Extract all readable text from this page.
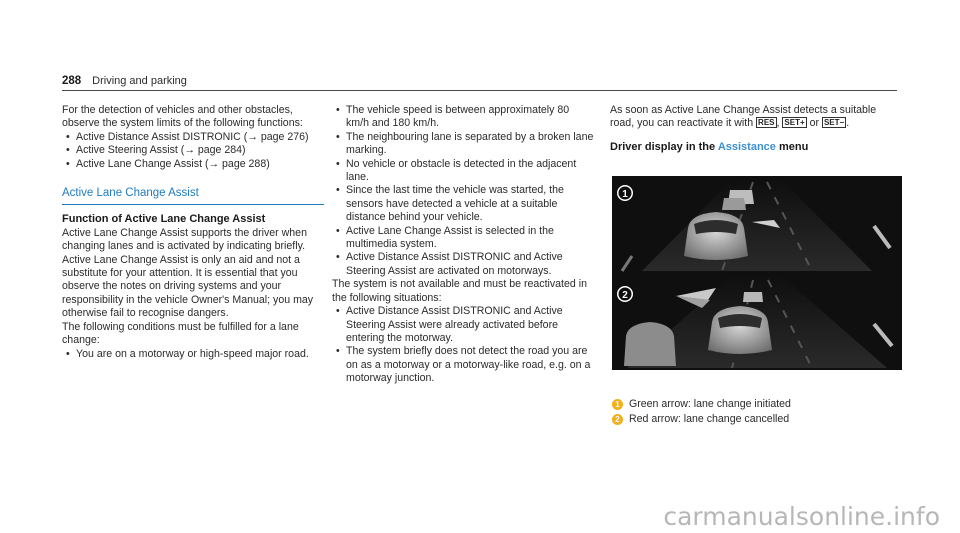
288 Driving and parking

For the detection of vehicles and other obstacles, observe the system limits of the following functions:

• Active Distance Assist DISTRONIC (→ page 276)
• Active Steering Assist (→ page 284)
• Active Lane Change Assist (→ page 288)
Active Lane Change Assist
Function of Active Lane Change Assist

Active Lane Change Assist supports the driver when changing lanes and is activated by indicating briefly.

Active Lane Change Assist is only an aid and not a substitute for your attention. It is essential that you observe the notes on driving systems and your responsibility in the vehicle Owner's Manual; you may otherwise fail to recognise dangers.

The following conditions must be fulfilled for a lane change:

• You are on a motorway or high-speed major road.
• The vehicle speed is between approximately 80 km/h and 180 km/h.
• The neighbouring lane is separated by a broken lane marking.
• No vehicle or obstacle is detected in the adjacent lane.
• Since the last time the vehicle was started, the sensors have detected a vehicle at a suitable distance behind your vehicle.
• Active Lane Change Assist is selected in the multimedia system.
• Active Distance Assist DISTRONIC and Active Steering Assist are activated on motorways.

The system is not available and must be reactivated in the following situations:

• Active Distance Assist DISTRONIC and Active Steering Assist were already activated before entering the motorway.
• The system briefly does not detect the road you are on as a motorway or a motorway-like road, e.g. on a motorway junction.

As soon as Active Lane Change Assist detects a suitable road, you can reactivate it with RES , SET+ or SET− .

Driver display in the Assistance menu
1
2
1 Green arrow: lane change initiated
2 Red arrow: lane change cancelled
carmanualsonline.info
